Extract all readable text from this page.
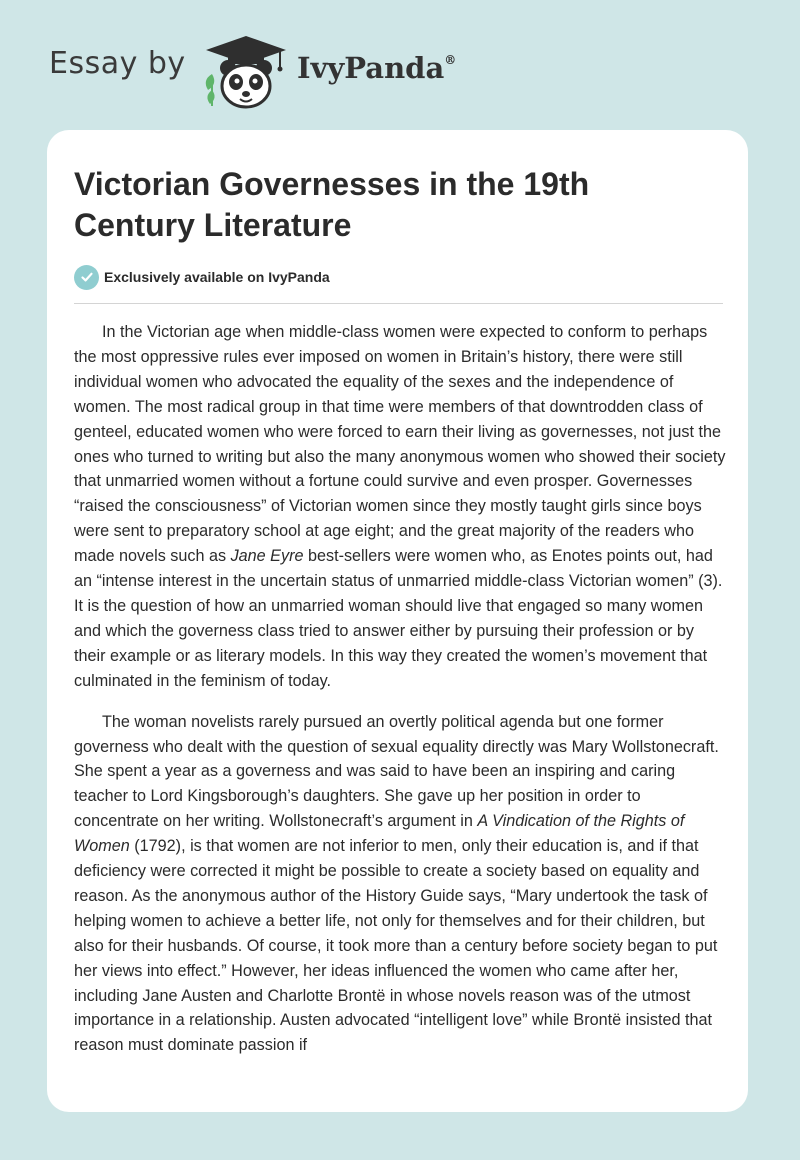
Essay by	IvyPanda®
Victorian Governesses in the 19th Century Literature
Exclusively available on IvyPanda

In the Victorian age when middle-class women were expected to conform to perhaps the most oppressive rules ever imposed on women in Britain’s history, there were still individual women who advocated the equality of the sexes and the independence of women. The most radical group in that time were members of that downtrodden class of genteel, educated women who were forced to earn their living as governesses, not just the ones who turned to writing but also the many anonymous women who showed their society that unmarried women without a fortune could survive and even prosper. Governesses “raised the consciousness” of Victorian women since they mostly taught girls since boys were sent to preparatory school at age eight; and the great majority of the readers who made novels such as Jane Eyre best-sellers were women who, as Enotes points out, had an “intense interest in the uncertain status of unmarried middle-class Victorian women” (3). It is the question of how an unmarried woman should live that engaged so many women and which the governess class tried to answer either by pursuing their profession or by their example or as literary models. In this way they created the women’s movement that culminated in the feminism of today.

The woman novelists rarely pursued an overtly political agenda but one former governess who dealt with the question of sexual equality directly was Mary Wollstonecraft. She spent a year as a governess and was said to have been an inspiring and caring teacher to Lord Kingsborough’s daughters. She gave up her position in order to concentrate on her writing. Wollstonecraft’s argument in A Vindication of the Rights of Women (1792), is that women are not inferior to men, only their education is, and if that deficiency were corrected it might be possible to create a society based on equality and reason. As the anonymous author of the History Guide says, “Mary undertook the task of helping women to achieve a better life, not only for themselves and for their children, but also for their husbands. Of course, it took more than a century before society began to put her views into effect.” However, her ideas influenced the women who came after her, including Jane Austen and Charlotte Brontë in whose novels reason was of the utmost importance in a relationship. Austen advocated “intelligent love” while Brontë insisted that reason must dominate passion if
